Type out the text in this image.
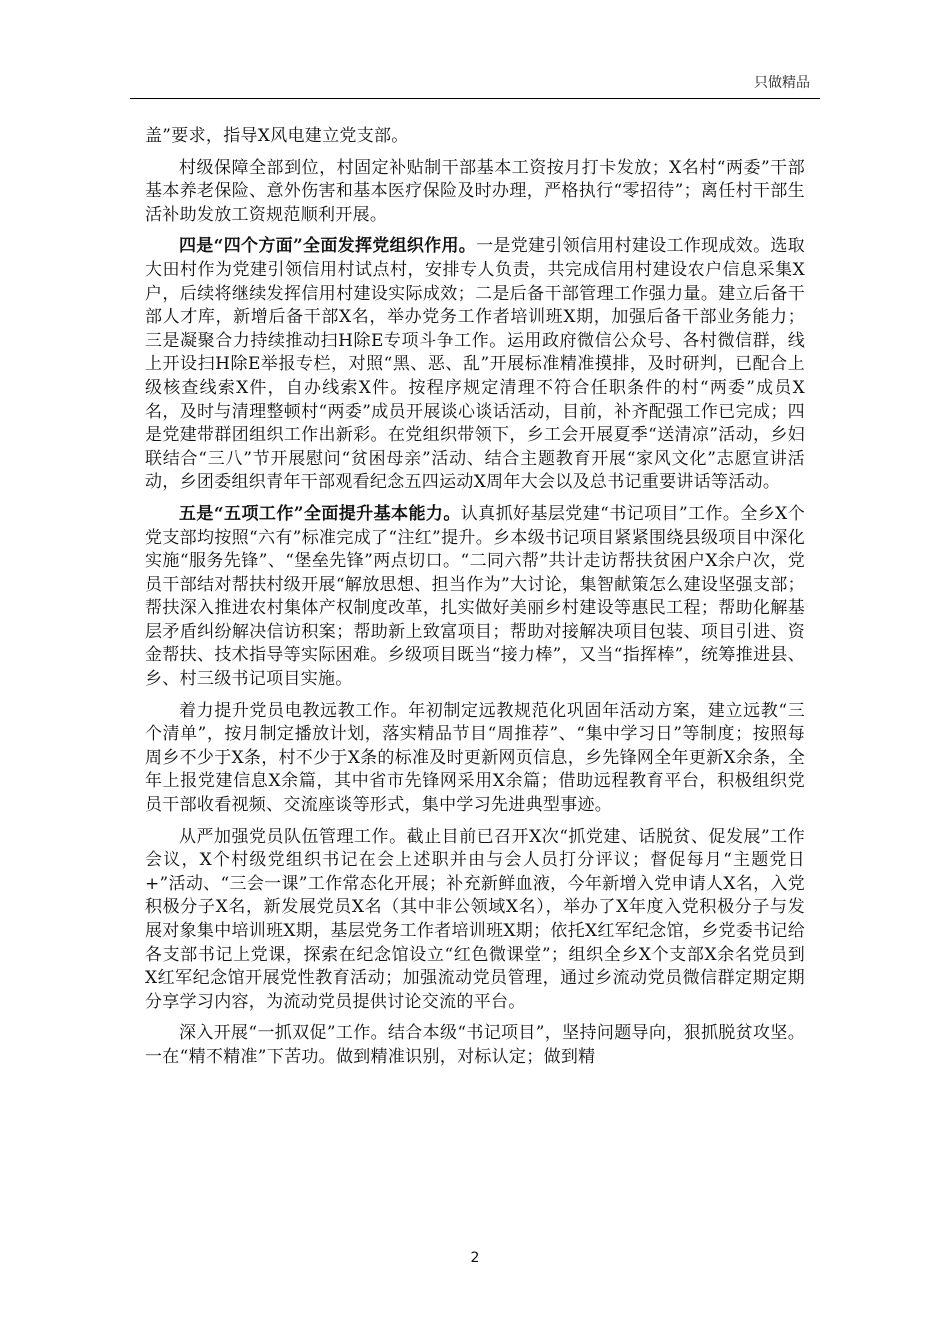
只做精品

盖”要求，指导X风电建立党支部。

村级保障全部到位，村固定补贴制干部基本工资按月打卡发放；X名村“两委”干部基本养老保险、意外伤害和基本医疗保险及时办理，严格执行“零招待”；离任村干部生活补助发放工资规范顺利开展。

四是“四个方面”全面发挥党组织作用。一是党建引领信用村建设工作现成效。选取大田村作为党建引领信用村试点村，安排专人负责，共完成信用村建设农户信息采集X户，后续将继续发挥信用村建设实际成效；二是后备干部管理工作强力量。建立后备干部人才库，新增后备干部X名，举办党务工作者培训班X期，加强后备干部业务能力；三是凝聚合力持续推动扫H除E专项斗争工作。运用政府微信公众号、各村微信群，线上开设扫H除E举报专栏，对照“黑、恶、乱”开展标准精准摸排，及时研判，已配合上级核查线索X件，自办线索X件。按程序规定清理不符合任职条件的村“两委”成员X名，及时与清理整顿村“两委”成员开展谈心谈话活动，目前，补齐配强工作已完成；四是党建带群团组织工作出新彩。在党组织带领下，乡工会开展夏季“送清凉”活动，乡妇联结合“三八”节开展慰问“贫困母亲”活动、结合主题教育开展“家风文化”志愿宣讲活动，乡团委组织青年干部观看纪念五四运动X周年大会以及总书记重要讲话等活动。

五是“五项工作”全面提升基本能力。认真抓好基层党建“书记项目”工作。全乡X个党支部均按照“六有”标准完成了“注红”提升。乡本级书记项目紧紧围绕县级项目中深化实施“服务先锋”、“堡垒先锋”两点切口。“二同六帮”共计走访帮扶贫困户X余户次，党员干部结对帮扶村级开展“解放思想、担当作为”大讨论，集智献策怎么建设坚强支部；帮扶深入推进农村集体产权制度改革，扎实做好美丽乡村建设等惠民工程；帮助化解基层矛盾纠纷解决信访积案；帮助新上致富项目；帮助对接解决项目包装、项目引进、资金帮扶、技术指导等实际困难。乡级项目既当“接力棒”，又当“指挥棒”，统筹推进县、乡、村三级书记项目实施。

着力提升党员电教远教工作。年初制定远教规范化巩固年活动方案，建立远教“三个清单”，按月制定播放计划，落实精品节目“周推荐”、“集中学习日”等制度；按照每周乡不少于X条，村不少于X条的标准及时更新网页信息，乡先锋网全年更新X余条，全年上报党建信息X余篇，其中省市先锋网采用X余篇；借助远程教育平台，积极组织党员干部收看视频、交流座谈等形式，集中学习先进典型事迹。

从严加强党员队伍管理工作。截止目前已召开X次“抓党建、话脱贫、促发展”工作会议，X个村级党组织书记在会上述职并由与会人员打分评议；督促每月“主题党日+”活动、“三会一课”工作常态化开展；补充新鲜血液，今年新增入党申请人X名，入党积极分子X名，新发展党员X名（其中非公领域X名），举办了X年度入党积极分子与发展对象集中培训班X期，基层党务工作者培训班X期；依托X红军纪念馆，乡党委书记给各支部书记上党课，探索在纪念馆设立“红色微课堂”；组织全乡X个支部X余名党员到X红军纪念馆开展党性教育活动；加强流动党员管理，通过乡流动党员微信群定期定期分享学习内容，为流动党员提供讨论交流的平台。

深入开展“一抓双促”工作。结合本级“书记项目”，坚持问题导向，狠抓脱贫攻坚。一在“精不精准”下苦功。做到精准识别，对标认定；做到精

2
